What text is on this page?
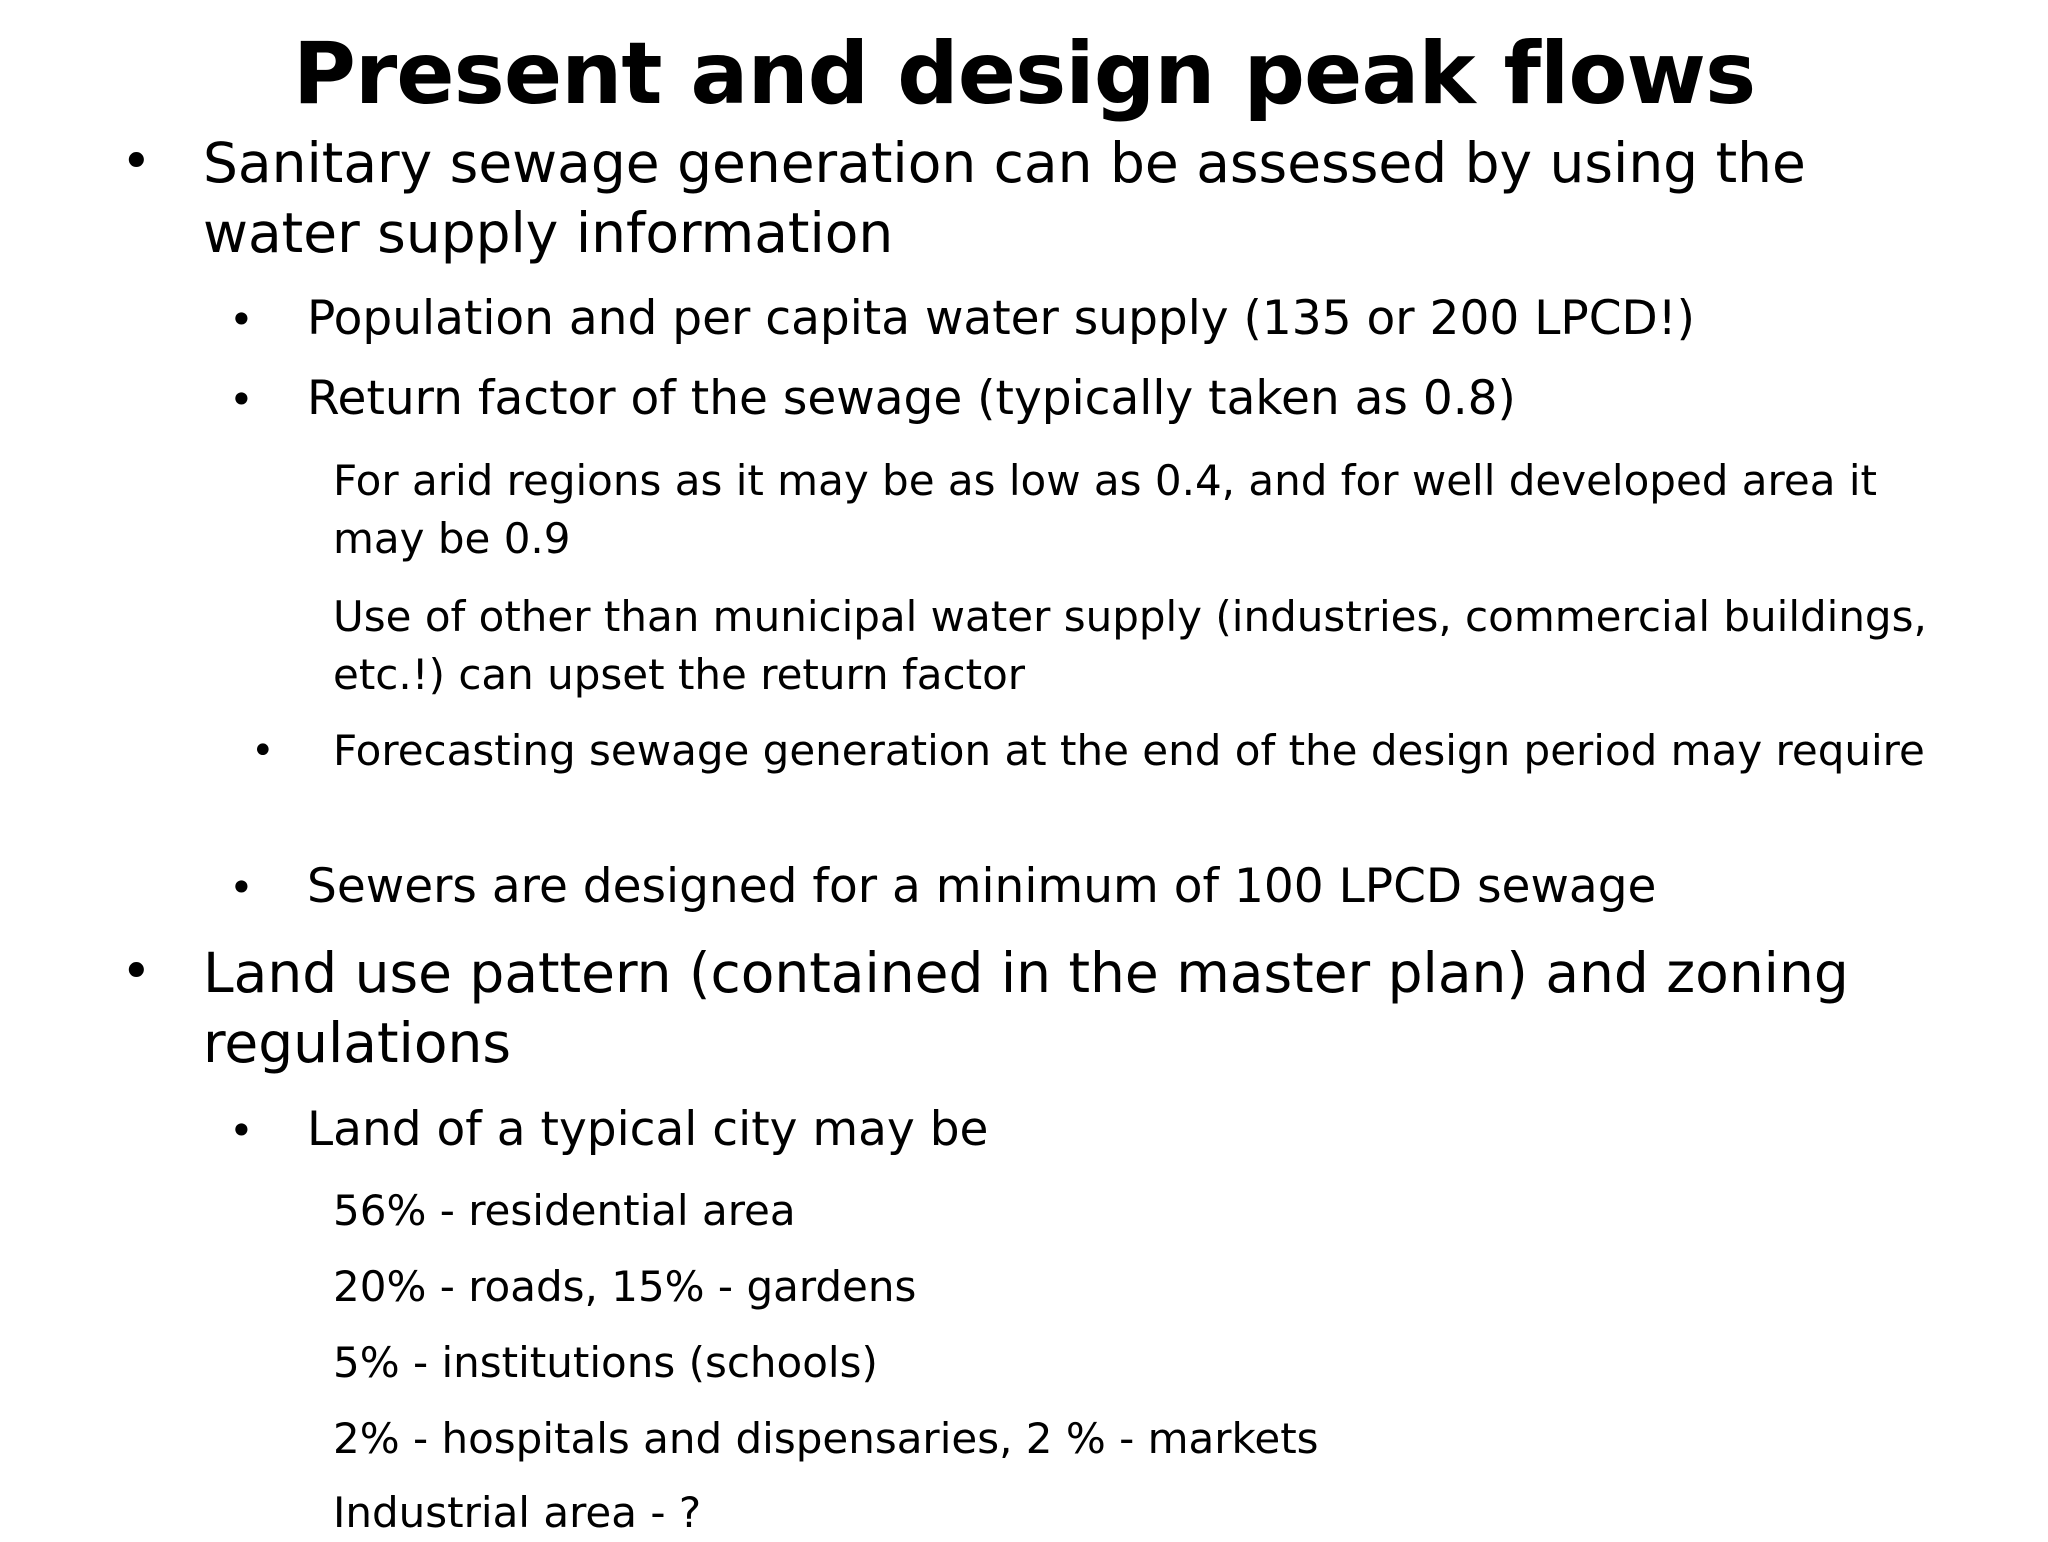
Present and design peak flows
• Sanitary sewage generation can be assessed by using the water supply information
• Population and per capita water supply (135 or 200 LPCD!)
• Return factor of the sewage (typically taken as 0.8)
For arid regions as it may be as low as 0.4, and for well developed area it may be 0.9
Use of other than municipal water supply (industries, commercial buildings, etc.!) can upset the return factor
• Forecasting sewage generation at the end of the design period may require
• Sewers are designed for a minimum of 100 LPCD sewage
• Land use pattern (contained in the master plan) and zoning regulations
• Land of a typical city may be
56% - residential area
20% - roads, 15% - gardens
5% - institutions (schools)
2% - hospitals and dispensaries, 2 % - markets
Industrial area - ?
